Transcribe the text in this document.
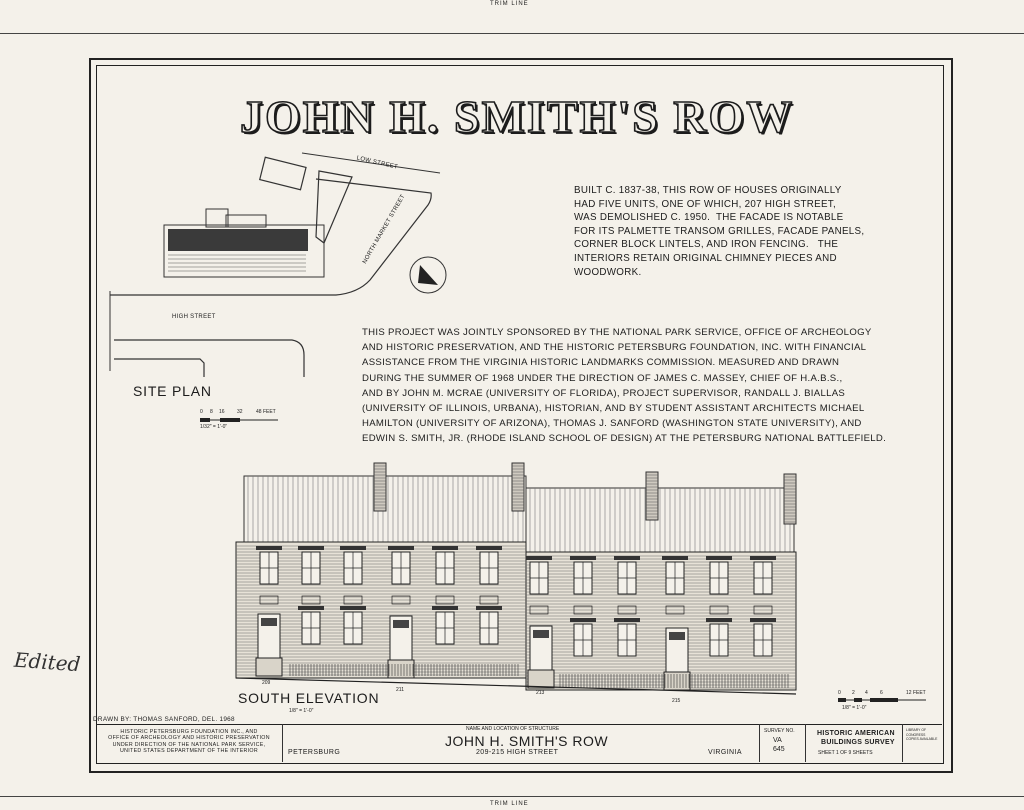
TRIM LINE
TRIM LINE
JOHN H. SMITH'S ROW
LOW STREET
NORTH MARKET STREET
HIGH STREET
SITE PLAN
0 8 16 32	48 FEET
1/32" = 1'-0"
BUILT C. 1837-38, THIS ROW OF HOUSES ORIGINALLY
HAD FIVE UNITS, ONE OF WHICH, 207 HIGH STREET,
WAS DEMOLISHED C. 1950.  THE FACADE IS NOTABLE
FOR ITS PALMETTE TRANSOM GRILLES, FACADE PANELS,
CORNER BLOCK LINTELS, AND IRON FENCING.   THE
INTERIORS RETAIN ORIGINAL CHIMNEY PIECES AND
WOODWORK.
THIS PROJECT WAS JOINTLY SPONSORED BY THE NATIONAL PARK SERVICE, OFFICE OF ARCHEOLOGY
AND HISTORIC PRESERVATION, AND THE HISTORIC PETERSBURG FOUNDATION, INC. WITH FINANCIAL
ASSISTANCE FROM THE VIRGINIA HISTORIC LANDMARKS COMMISSION. MEASURED AND DRAWN
DURING THE SUMMER OF 1968 UNDER THE DIRECTION OF JAMES C. MASSEY, CHIEF OF H.A.B.S.,
AND BY JOHN M. MCRAE (UNIVERSITY OF FLORIDA), PROJECT SUPERVISOR, RANDALL J. BIALLAS
(UNIVERSITY OF ILLINOIS, URBANA), HISTORIAN, AND BY STUDENT ASSISTANT ARCHITECTS MICHAEL
HAMILTON (UNIVERSITY OF ARIZONA), THOMAS J. SANFORD (WASHINGTON STATE UNIVERSITY), AND
EDWIN S. SMITH, JR. (RHODE ISLAND SCHOOL OF DESIGN) AT THE PETERSBURG NATIONAL BATTLEFIELD.
209
211	213
215
SOUTH ELEVATION
1/8" = 1'-0"
0 2 4 6	12 FEET
1/8" = 1'-0"
Edited
DRAWN BY: THOMAS SANFORD, DEL. 1968
HISTORIC PETERSBURG FOUNDATION INC., AND
OFFICE OF ARCHEOLOGY AND HISTORIC PRESERVATION
UNDER DIRECTION OF THE NATIONAL PARK SERVICE,
UNITED STATES DEPARTMENT OF THE INTERIOR
NAME AND LOCATION OF STRUCTURE
JOHN H. SMITH'S ROW
209-215 HIGH STREET
PETERSBURG	VIRGINIA
SURVEY NO.
VA
645
HISTORIC AMERICAN
BUILDINGS SURVEY
SHEET 1 OF 9 SHEETS
LIBRARY OF CONGRESS
COPIES AVAILABLE
